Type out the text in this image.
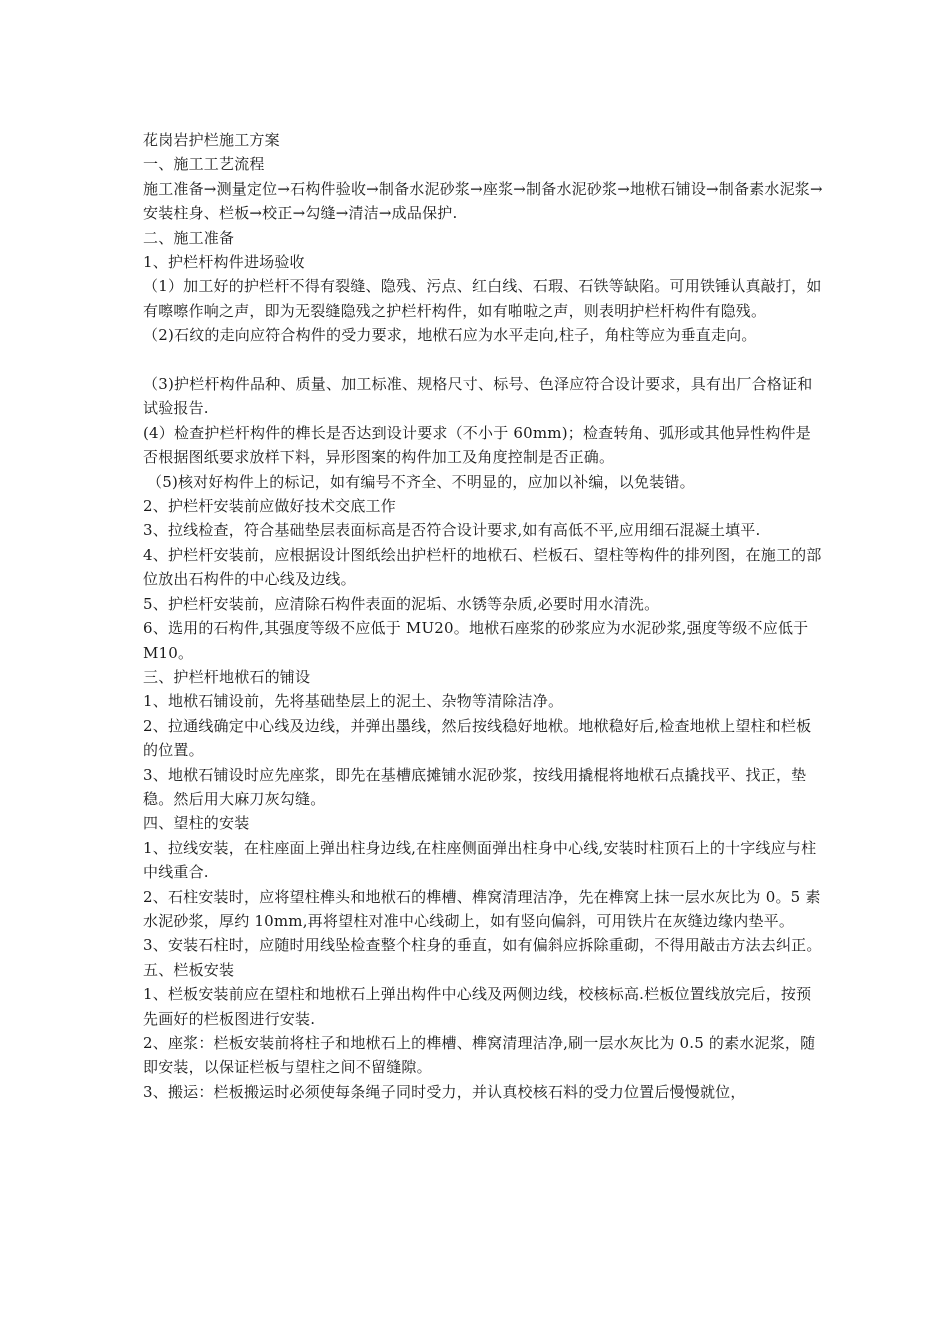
花岗岩护栏施工方案

一、施工工艺流程

施工准备→测量定位→石构件验收→制备水泥砂浆→座浆→制备水泥砂浆→地栿石铺设→制备素水泥浆→安装柱身、栏板→校正→勾缝→清洁→成品保护.

二、施工准备

1、护栏杆构件进场验收

（1）加工好的护栏杆不得有裂缝、隐残、污点、红白线、石瑕、石铁等缺陷。可用铁锤认真敲打，如有嚓嚓作响之声，即为无裂缝隐残之护栏杆构件，如有啪啦之声，则表明护栏杆构件有隐残。

（2)石纹的走向应符合构件的受力要求，地栿石应为水平走向,柱子，角柱等应为垂直走向。

（3)护栏杆构件品种、质量、加工标准、规格尺寸、标号、色泽应符合设计要求，具有出厂合格证和试验报告.

(4）检查护栏杆构件的榫长是否达到设计要求（不小于 60mm)；检查转角、弧形或其他异性构件是否根据图纸要求放样下料，异形图案的构件加工及角度控制是否正确。

（5)核对好构件上的标记，如有编号不齐全、不明显的，应加以补编，以免装错。

2、护栏杆安装前应做好技术交底工作

3、拉线检查，符合基础垫层表面标高是否符合设计要求,如有高低不平,应用细石混凝土填平.

4、护栏杆安装前，应根据设计图纸绘出护栏杆的地栿石、栏板石、望柱等构件的排列图，在施工的部位放出石构件的中心线及边线。

5、护栏杆安装前，应清除石构件表面的泥垢、水锈等杂质,必要时用水清洗。

6、选用的石构件,其强度等级不应低于 MU20。地栿石座浆的砂浆应为水泥砂浆,强度等级不应低于 M10。

三、护栏杆地栿石的铺设

1、地栿石铺设前，先将基础垫层上的泥土、杂物等清除洁净。

2、拉通线确定中心线及边线，并弹出墨线，然后按线稳好地栿。地栿稳好后,检查地栿上望柱和栏板的位置。

3、地栿石铺设时应先座浆，即先在基槽底摊铺水泥砂浆，按线用撬棍将地栿石点撬找平、找正，垫稳。然后用大麻刀灰勾缝。

四、望柱的安装

1、拉线安装，在柱座面上弹出柱身边线,在柱座侧面弹出柱身中心线,安装时柱顶石上的十字线应与柱中线重合.

2、石柱安装时，应将望柱榫头和地栿石的榫槽、榫窝清理洁净，先在榫窝上抹一层水灰比为 0。5 素水泥砂浆，厚约 10mm,再将望柱对准中心线砌上，如有竖向偏斜，可用铁片在灰缝边缘内垫平。

3、安装石柱时，应随时用线坠检查整个柱身的垂直，如有偏斜应拆除重砌，不得用敲击方法去纠正。

五、栏板安装

1、栏板安装前应在望柱和地栿石上弹出构件中心线及两侧边线，校核标高.栏板位置线放完后，按预先画好的栏板图进行安装.

2、座浆：栏板安装前将柱子和地栿石上的榫槽、榫窝清理洁净,刷一层水灰比为 0.5 的素水泥浆，随即安装，以保证栏板与望柱之间不留缝隙。

3、搬运：栏板搬运时必须使每条绳子同时受力，并认真校核石料的受力位置后慢慢就位，
